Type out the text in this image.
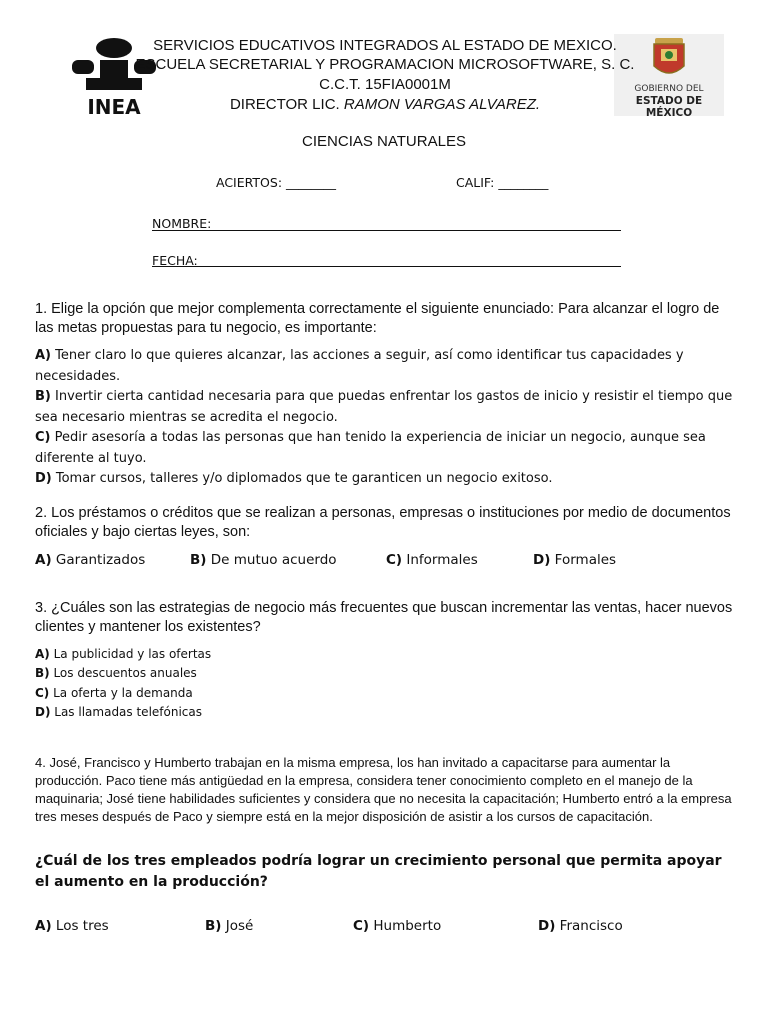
INEA
GOBIERNO DEL
ESTADO DE MÉXICO
SERVICIOS EDUCATIVOS INTEGRADOS AL ESTADO DE MEXICO.
ESCUELA SECRETARIAL Y PROGRAMACION MICROSOFTWARE, S. C.
C.C.T. 15FIA0001M
DIRECTOR LIC. RAMON VARGAS ALVAREZ.
CIENCIAS NATURALES
ACIERTOS: ________	CALIF: ________
NOMBRE:
FECHA:
1. Elige la opción que mejor complementa correctamente el siguiente enunciado: Para alcanzar el logro de las metas propuestas para tu negocio, es importante:
A) Tener claro lo que quieres alcanzar, las acciones a seguir, así como identificar tus capacidades y necesidades.
B) Invertir cierta cantidad necesaria para que puedas enfrentar los gastos de inicio y resistir el tiempo que sea necesario mientras se acredita el negocio.
C) Pedir asesoría a todas las personas que han tenido la experiencia de iniciar un negocio, aunque sea diferente al tuyo.
D) Tomar cursos, talleres y/o diplomados que te garanticen un negocio exitoso.
2. Los préstamos o créditos que se realizan a personas, empresas o instituciones por medio de documentos oficiales y bajo ciertas leyes, son:
A) Garantizados	B) De mutuo acuerdo	C) Informales	D) Formales
3. ¿Cuáles son las estrategias de negocio más frecuentes que buscan incrementar las ventas, hacer nuevos clientes y mantener los existentes?
A) La publicidad y las ofertas
B) Los descuentos anuales
C) La oferta y la demanda
D) Las llamadas telefónicas
4. José, Francisco y Humberto trabajan en la misma empresa, los han invitado a capacitarse para aumentar la producción. Paco tiene más antigüedad en la empresa, considera tener conocimiento completo en el manejo de la maquinaria; José tiene habilidades suficientes y considera que no necesita la capacitación; Humberto entró a la empresa tres meses después de Paco y siempre está en la mejor disposición de asistir a los cursos de capacitación.
¿Cuál de los tres empleados podría lograr un crecimiento personal que permita apoyar el aumento en la producción?
A) Los tres	B) José	C) Humberto	D) Francisco
